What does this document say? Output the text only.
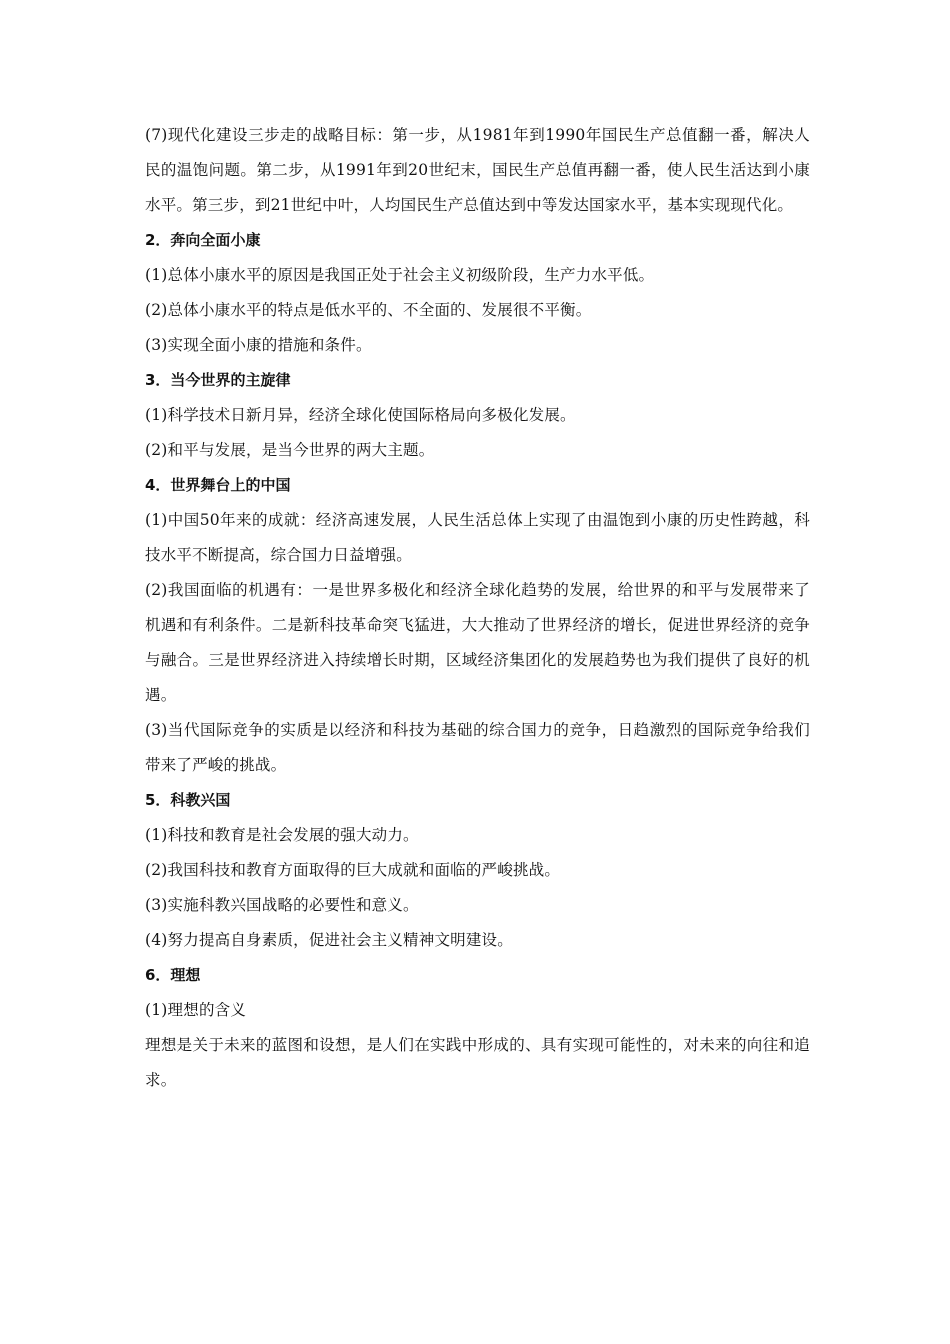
(7)现代化建设三步走的战略目标：第一步，从1981年到1990年国民生产总值翻一番，解决人民的温饱问题。第二步，从1991年到20世纪末，国民生产总值再翻一番，使人民生活达到小康水平。第三步，到21世纪中叶，人均国民生产总值达到中等发达国家水平，基本实现现代化。

2．奔向全面小康

(1)总体小康水平的原因是我国正处于社会主义初级阶段，生产力水平低。

(2)总体小康水平的特点是低水平的、不全面的、发展很不平衡。

(3)实现全面小康的措施和条件。

3．当今世界的主旋律

(1)科学技术日新月异，经济全球化使国际格局向多极化发展。

(2)和平与发展，是当今世界的两大主题。

4．世界舞台上的中国

(1)中国50年来的成就：经济高速发展，人民生活总体上实现了由温饱到小康的历史性跨越，科技水平不断提高，综合国力日益增强。

(2)我国面临的机遇有：一是世界多极化和经济全球化趋势的发展，给世界的和平与发展带来了机遇和有利条件。二是新科技革命突飞猛进，大大推动了世界经济的增长，促进世界经济的竞争与融合。三是世界经济进入持续增长时期，区域经济集团化的发展趋势也为我们提供了良好的机遇。

(3)当代国际竞争的实质是以经济和科技为基础的综合国力的竞争，日趋激烈的国际竞争给我们带来了严峻的挑战。

5．科教兴国

(1)科技和教育是社会发展的强大动力。

(2)我国科技和教育方面取得的巨大成就和面临的严峻挑战。

(3)实施科教兴国战略的必要性和意义。

(4)努力提高自身素质，促进社会主义精神文明建设。

6．理想

(1)理想的含义

理想是关于未来的蓝图和设想，是人们在实践中形成的、具有实现可能性的，对未来的向往和追求。
